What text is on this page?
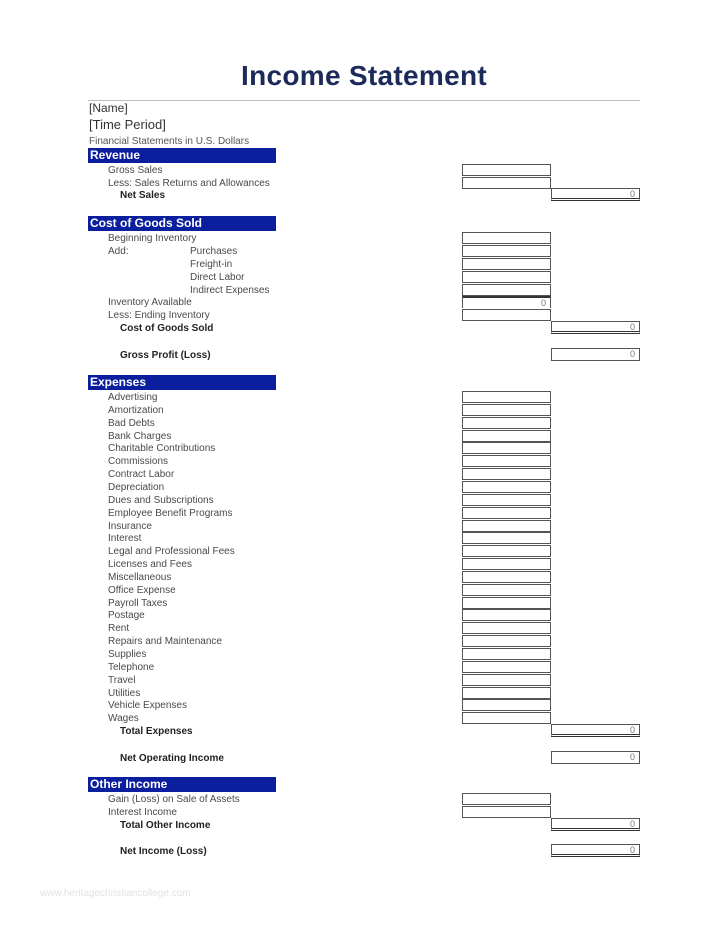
Income Statement
[Name]
[Time Period]
Financial Statements in U.S. Dollars
Revenue
Gross Sales
Less: Sales Returns and Allowances
Net Sales	0
Cost of Goods Sold
Beginning Inventory
Add:	Purchases
Freight-in
Direct Labor
Indirect Expenses
Inventory Available	0
Less: Ending Inventory
Cost of Goods Sold	0
Gross Profit (Loss)	0
Expenses
Advertising
Amortization
Bad Debts
Bank Charges
Charitable Contributions
Commissions
Contract Labor
Depreciation
Dues and Subscriptions
Employee Benefit Programs
Insurance
Interest
Legal and Professional Fees
Licenses and Fees
Miscellaneous
Office Expense
Payroll Taxes
Postage
Rent
Repairs and Maintenance
Supplies
Telephone
Travel
Utilities
Vehicle Expenses
Wages
Total Expenses	0
Net Operating Income	0
Other Income
Gain (Loss) on Sale of Assets
Interest Income
Total Other Income	0
Net Income (Loss)	0
www.heritagechristiancollege.com
